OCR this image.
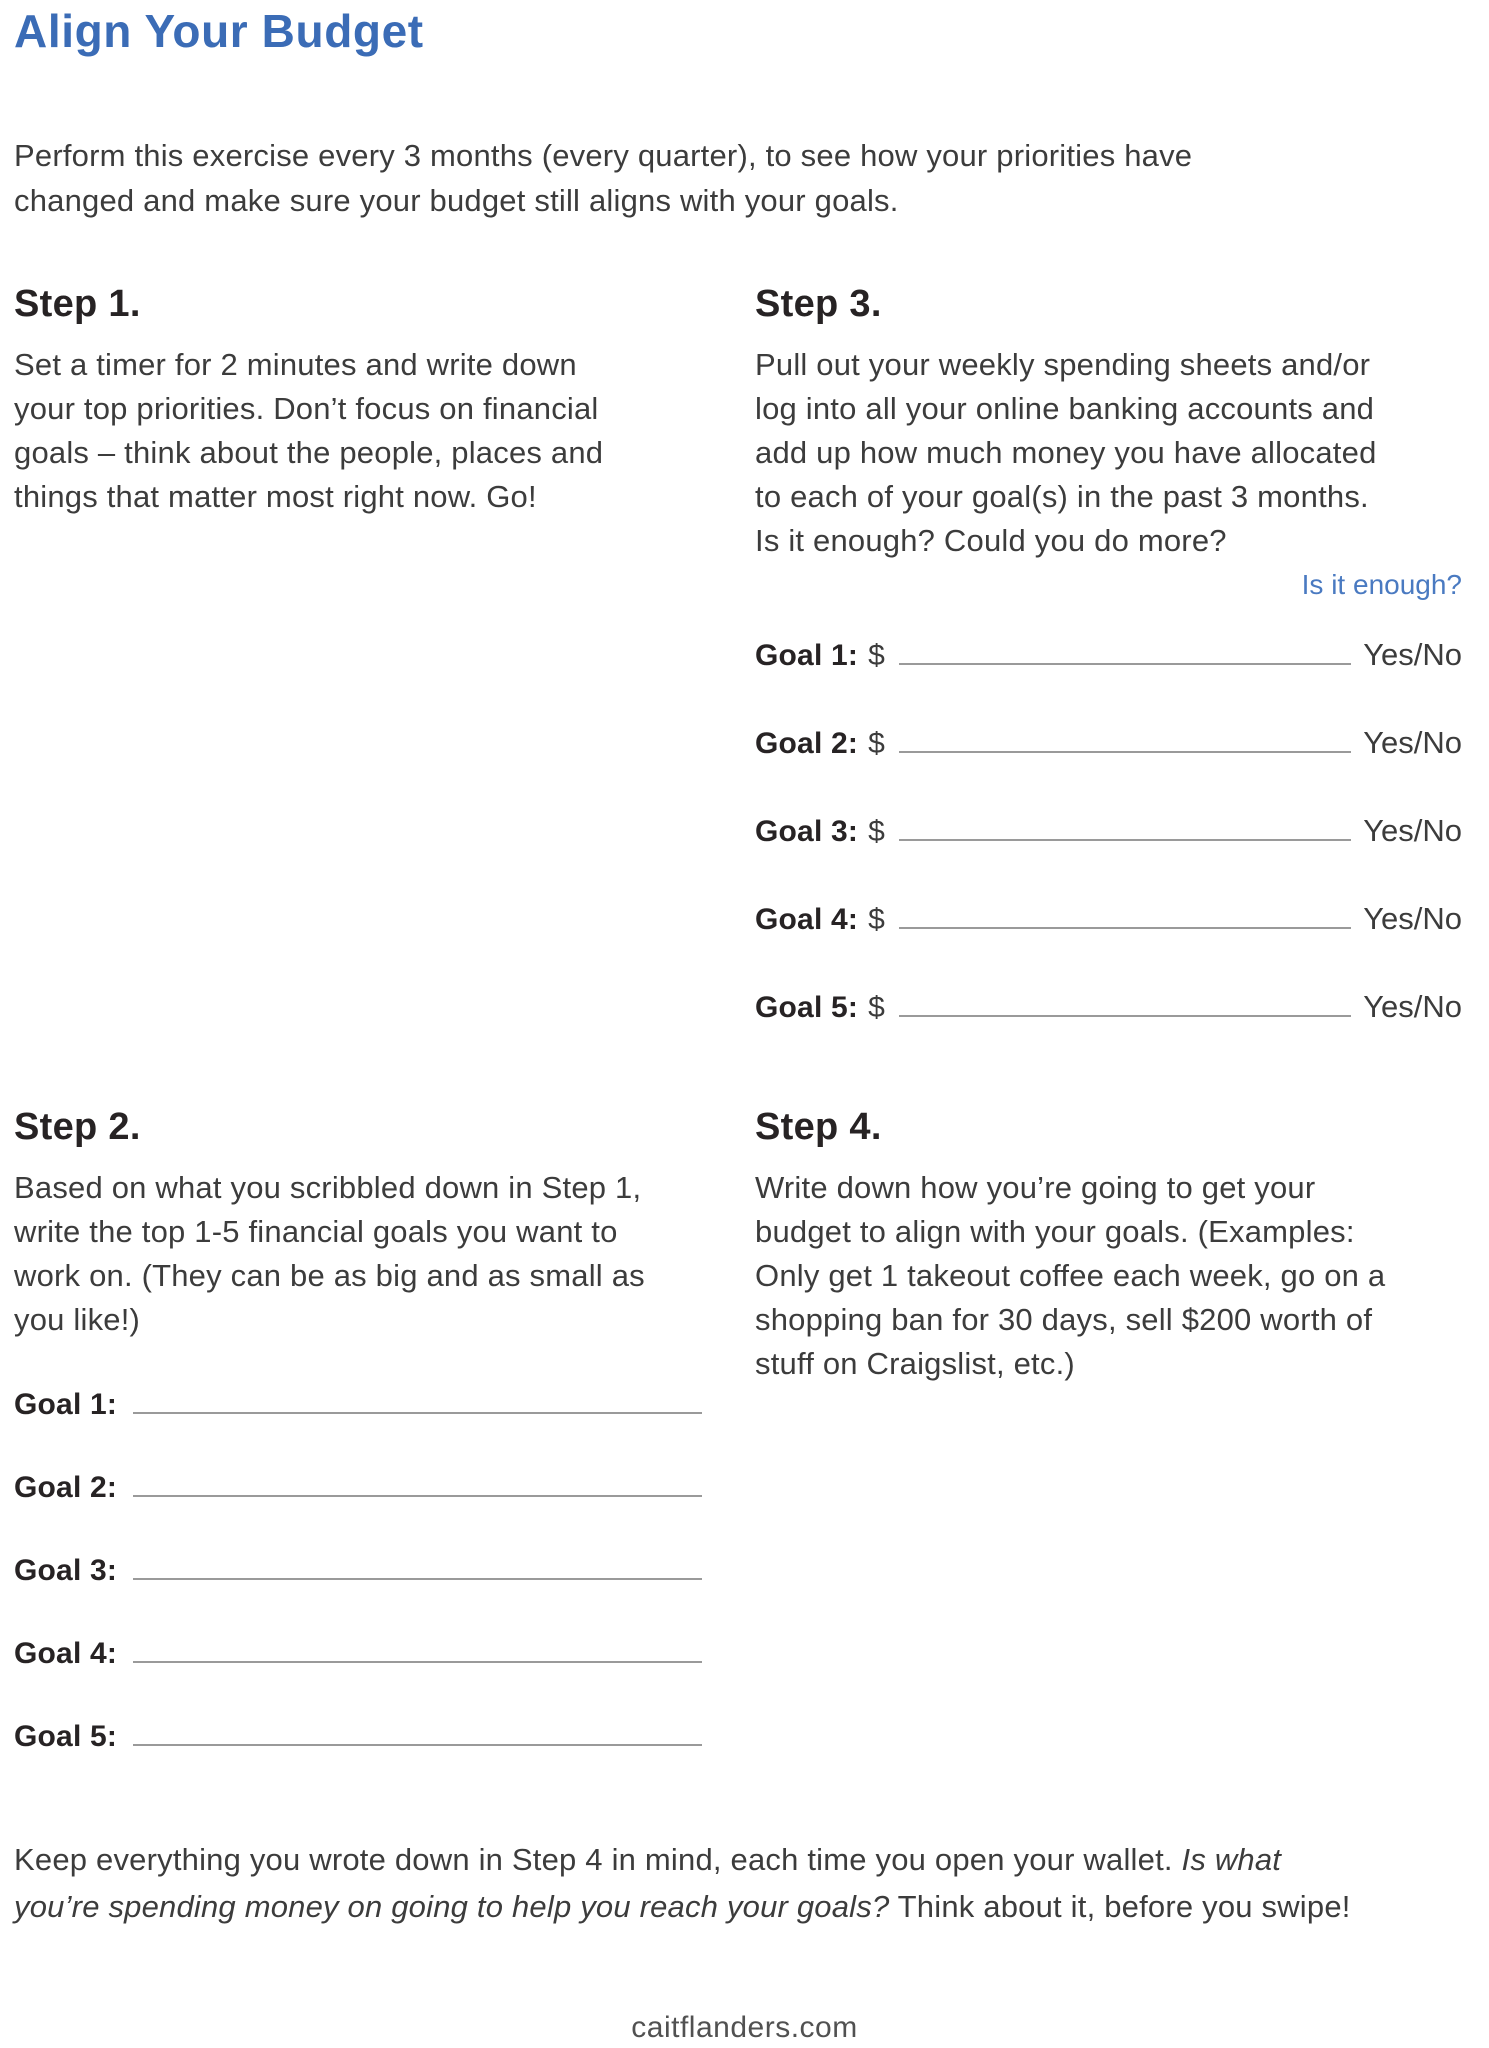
Align Your Budget
Perform this exercise every 3 months (every quarter), to see how your priorities have
changed and make sure your budget still aligns with your goals.
Step 1.
Set a timer for 2 minutes and write down
your top priorities. Don’t focus on financial
goals – think about the people, places and
things that matter most right now. Go!
Step 3.
Pull out your weekly spending sheets and/or
log into all your online banking accounts and
add up how much money you have allocated
to each of your goal(s) in the past 3 months.
Is it enough? Could you do more?
Is it enough?
Goal 1: $	Yes/No
Goal 2: $	Yes/No
Goal 3: $	Yes/No
Goal 4: $	Yes/No
Goal 5: $	Yes/No
Step 2.
Based on what you scribbled down in Step 1,
write the top 1-5 financial goals you want to
work on. (They can be as big and as small as
you like!)
Goal 1:
Goal 2:
Goal 3:
Goal 4:
Goal 5:
Step 4.
Write down how you’re going to get your
budget to align with your goals. (Examples:
Only get 1 takeout coffee each week, go on a
shopping ban for 30 days, sell $200 worth of
stuff on Craigslist, etc.)
Keep everything you wrote down in Step 4 in mind, each time you open your wallet. Is what
you’re spending money on going to help you reach your goals? Think about it, before you swipe!
caitflanders.com
